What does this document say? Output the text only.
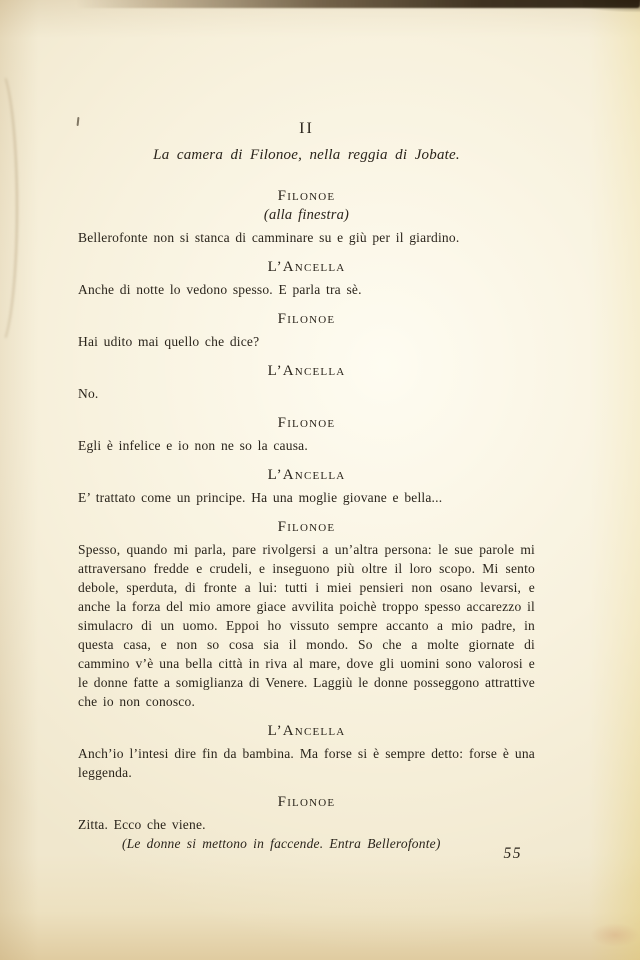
II
La camera di Filonoe, nella reggia di Jobate.
Filonoe
(alla finestra)
Bellerofonte non si stanca di camminare su e giù per il giardino.
L’Ancella
Anche di notte lo vedono spesso. E parla tra sè.
Filonoe
Hai udito mai quello che dice?
L’Ancella
No.
Filonoe
Egli è infelice e io non ne so la causa.
L’Ancella
E’ trattato come un principe. Ha una moglie giovane e bella...
Filonoe
Spesso, quando mi parla, pare rivolgersi a un’altra persona: le sue parole mi attraversano fredde e crudeli, e inseguono più oltre il loro scopo. Mi sento debole, sperduta, di fronte a lui: tutti i miei pensieri non osano levarsi, e anche la forza del mio amore giace avvilita poichè troppo spesso accarezzo il simulacro di un uomo. Eppoi ho vissuto sempre accanto a mio padre, in questa casa, e non so cosa sia il mondo. So che a molte giornate di cammino v’è una bella città in riva al mare, dove gli uomini sono valorosi e le donne fatte a somiglianza di Venere. Laggiù le donne posseggono attrattive che io non conosco.
L’Ancella
Anch’io l’intesi dire fin da bambina. Ma forse si è sempre detto: forse è una leggenda.
Filonoe
Zitta. Ecco che viene.
(Le donne si mettono in faccende. Entra Bellerofonte)
55
